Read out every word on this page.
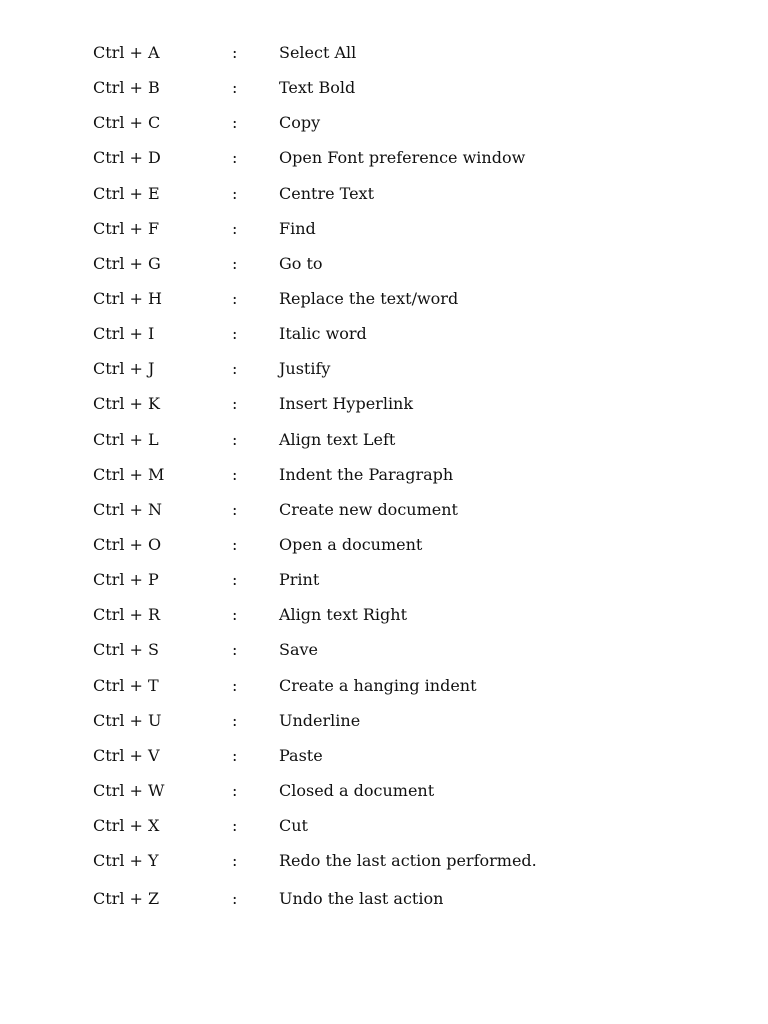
Ctrl + A	:	Select All
Ctrl + B	:	Text Bold
Ctrl + C	:	Copy
Ctrl + D	:	Open Font preference window
Ctrl + E	:	Centre Text
Ctrl + F	:	Find
Ctrl + G	:	Go to
Ctrl + H	:	Replace the text/word
Ctrl + I	:	Italic word
Ctrl + J	:	Justify
Ctrl + K	:	Insert Hyperlink
Ctrl + L	:	Align text Left
Ctrl + M	:	Indent the Paragraph
Ctrl + N	:	Create new document
Ctrl + O	:	Open a document
Ctrl + P	:	Print
Ctrl + R	:	Align text Right
Ctrl + S	:	Save
Ctrl + T	:	Create a hanging indent
Ctrl + U	:	Underline
Ctrl + V	:	Paste
Ctrl + W	:	Closed a document
Ctrl + X	:	Cut
Ctrl + Y	:	Redo the last action performed.
Ctrl + Z	:	Undo the last action
